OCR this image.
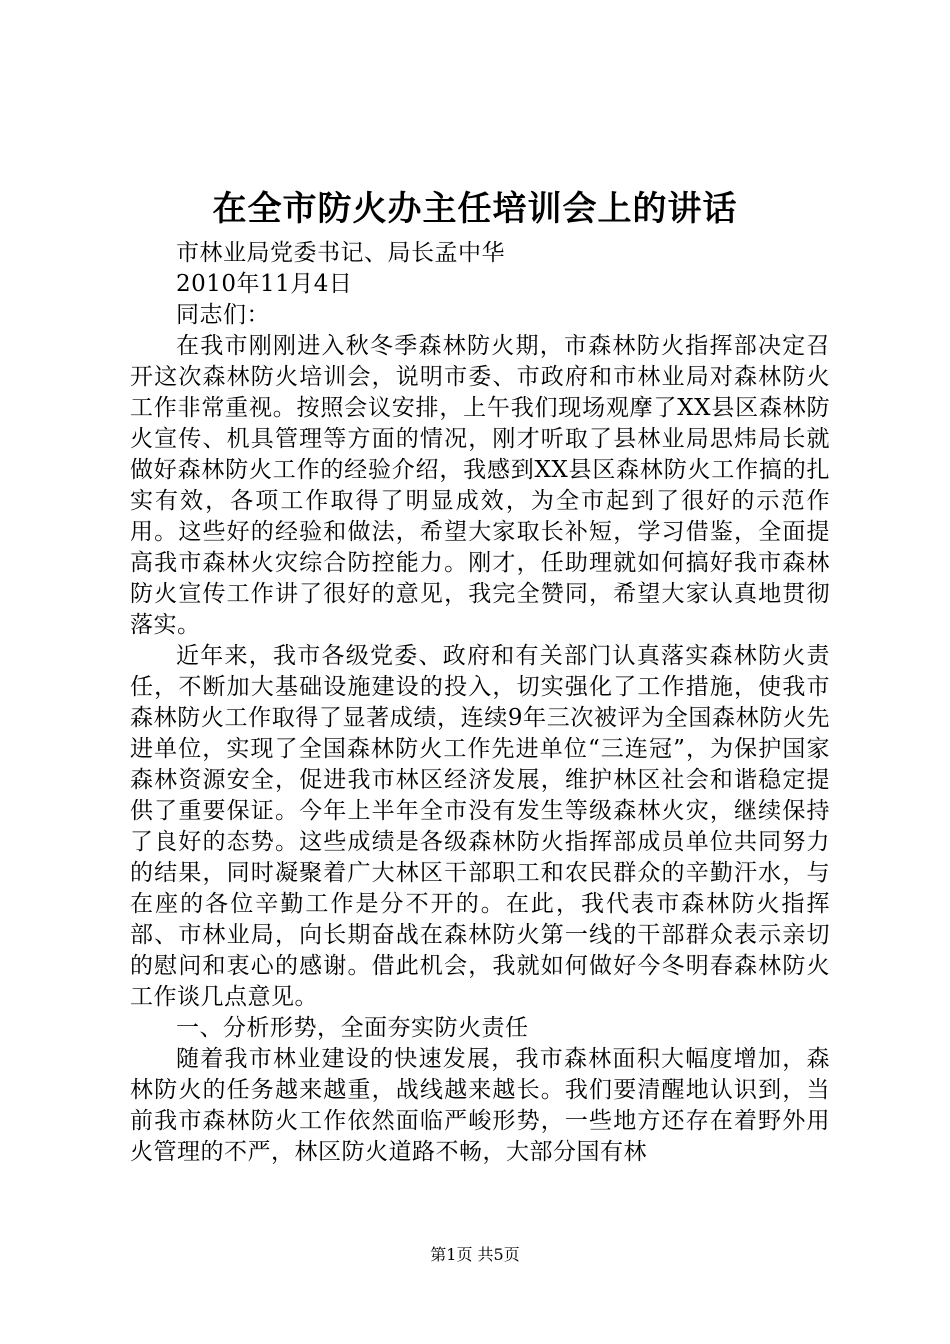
在全市防火办主任培训会上的讲话

市林业局党委书记、局长孟中华

2010年11月4日

同志们：

在我市刚刚进入秋冬季森林防火期，市森林防火指挥部决定召开这次森林防火培训会，说明市委、市政府和市林业局对森林防火工作非常重视。按照会议安排，上午我们现场观摩了XX县区森林防火宣传、机具管理等方面的情况，刚才听取了县林业局思炜局长就做好森林防火工作的经验介绍，我感到XX县区森林防火工作搞的扎实有效，各项工作取得了明显成效，为全市起到了很好的示范作用。这些好的经验和做法，希望大家取长补短，学习借鉴，全面提高我市森林火灾综合防控能力。刚才，任助理就如何搞好我市森林防火宣传工作讲了很好的意见，我完全赞同，希望大家认真地贯彻落实。

近年来，我市各级党委、政府和有关部门认真落实森林防火责任，不断加大基础设施建设的投入，切实强化了工作措施，使我市森林防火工作取得了显著成绩，连续9年三次被评为全国森林防火先进单位，实现了全国森林防火工作先进单位“三连冠”，为保护国家森林资源安全，促进我市林区经济发展，维护林区社会和谐稳定提供了重要保证。今年上半年全市没有发生等级森林火灾，继续保持了良好的态势。这些成绩是各级森林防火指挥部成员单位共同努力的结果，同时凝聚着广大林区干部职工和农民群众的辛勤汗水，与在座的各位辛勤工作是分不开的。在此，我代表市森林防火指挥部、市林业局，向长期奋战在森林防火第一线的干部群众表示亲切的慰问和衷心的感谢。借此机会，我就如何做好今冬明春森林防火工作谈几点意见。

一、分析形势，全面夯实防火责任

随着我市林业建设的快速发展，我市森林面积大幅度增加，森林防火的任务越来越重，战线越来越长。我们要清醒地认识到，当前我市森林防火工作依然面临严峻形势，一些地方还存在着野外用火管理的不严，林区防火道路不畅，大部分国有林

第1页 共5页
